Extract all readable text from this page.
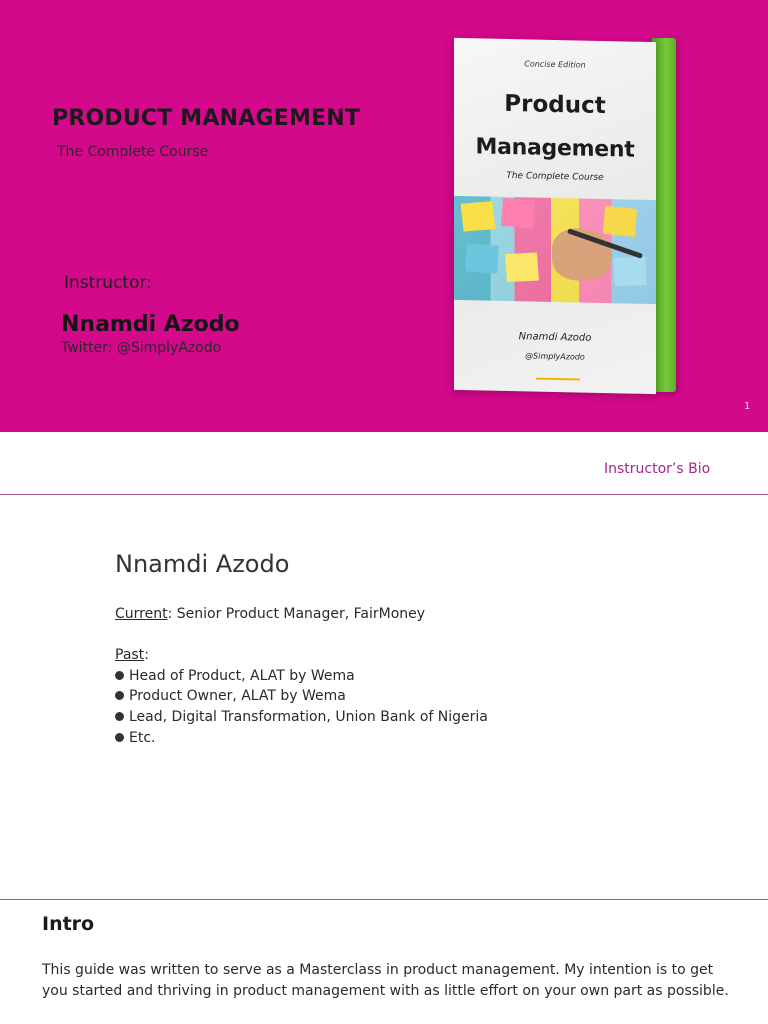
PRODUCT MANAGEMENT
The Complete Course
Instructor:
Nnamdi Azodo
Twitter: @SimplyAzodo
Concise Edition
Product
Management
The Complete Course
Nnamdi Azodo
@SimplyAzodo
1
Instructor’s Bio
Nnamdi Azodo
Current: Senior Product Manager, FairMoney
Past:
Head of Product, ALAT by Wema
Product Owner, ALAT by Wema
Lead, Digital Transformation, Union Bank of Nigeria
Etc.
Intro
This guide was written to serve as a Masterclass in product management. My intention is to get you started and thriving in product management with as little effort on your own part as possible.
